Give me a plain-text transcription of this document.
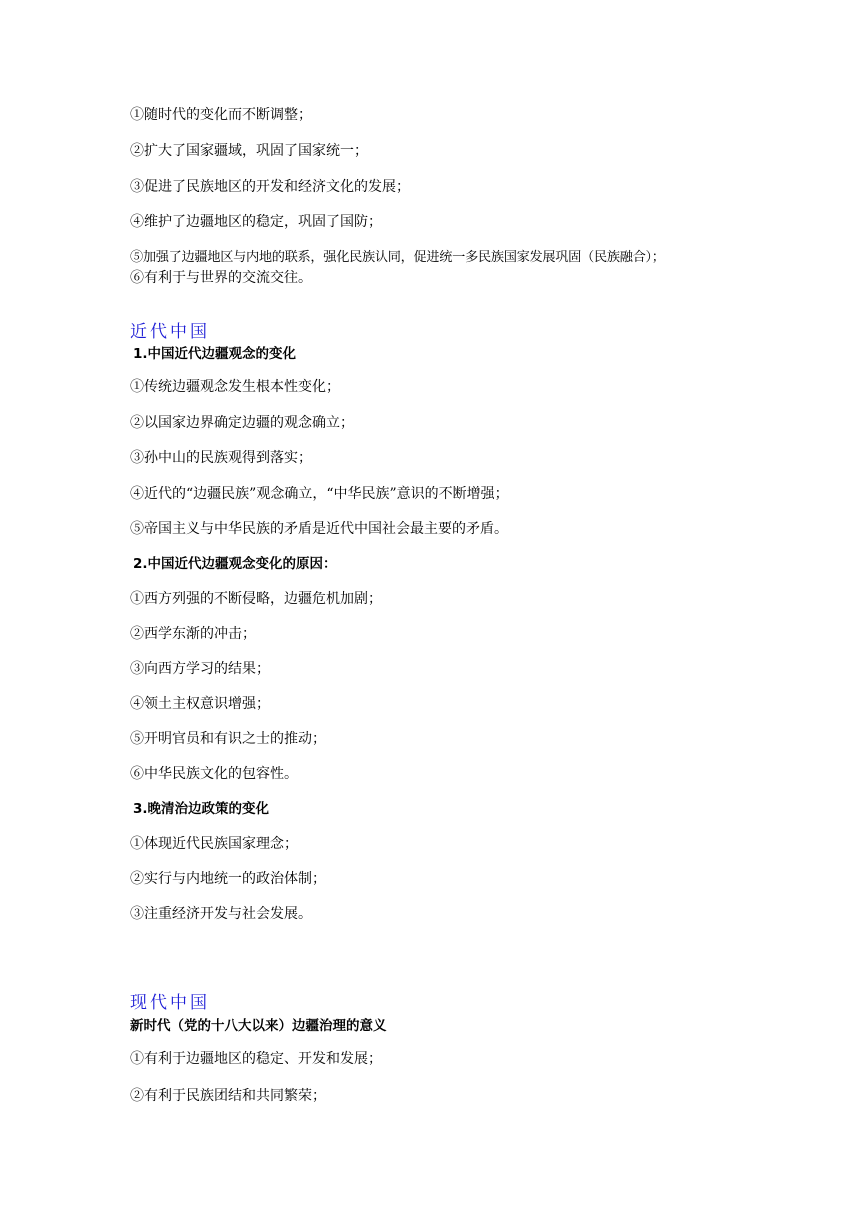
①随时代的变化而不断调整；
②扩大了国家疆域，巩固了国家统一；
③促进了民族地区的开发和经济文化的发展；
④维护了边疆地区的稳定，巩固了国防；
⑤加强了边疆地区与内地的联系，强化民族认同，促进统一多民族国家发展巩固（民族融合）；
⑥有利于与世界的交流交往。
近代中国
1.中国近代边疆观念的变化
①传统边疆观念发生根本性变化；
②以国家边界确定边疆的观念确立；
③孙中山的民族观得到落实；
④近代的“边疆民族”观念确立，“中华民族”意识的不断增强；
⑤帝国主义与中华民族的矛盾是近代中国社会最主要的矛盾。
2.中国近代边疆观念变化的原因：
①西方列强的不断侵略，边疆危机加剧；
②西学东渐的冲击；
③向西方学习的结果；
④领土主权意识增强；
⑤开明官员和有识之士的推动；
⑥中华民族文化的包容性。
3.晚清治边政策的变化
①体现近代民族国家理念；
②实行与内地统一的政治体制；
③注重经济开发与社会发展。
现代中国
新时代（党的十八大以来）边疆治理的意义
①有利于边疆地区的稳定、开发和发展；
②有利于民族团结和共同繁荣；
